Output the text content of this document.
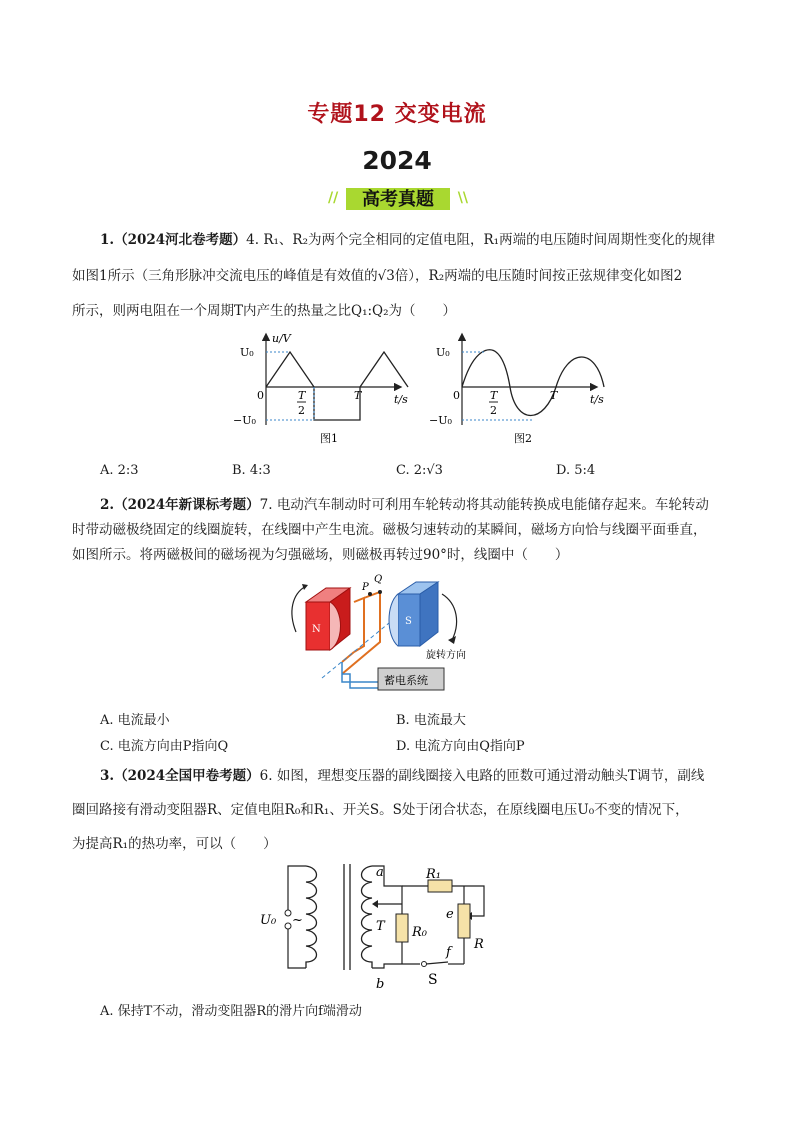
专题12 交变电流
2024
//	高考真题	\\
1.（2024河北卷考题）4. R₁、R₂为两个完全相同的定值电阻，R₁两端的电压随时间周期性变化的规律
如图1所示（三角形脉冲交流电压的峰值是有效值的√3倍），R₂两端的电压随时间按正弦规律变化如图2
所示，则两电阻在一个周期T内产生的热量之比Q₁:Q₂为（　　）
u/V
U₀
−U₀
0	T
2
T	t/s
图1
U₀
−U₀
0	T
2
T	t/s
图2
A. 2:3	B. 4:3	C. 2:√3	D. 5:4
2.（2024年新课标考题）7. 电动汽车制动时可利用车轮转动将其动能转换成电能储存起来。车轮转动
时带动磁极绕固定的线圈旋转，在线圈中产生电流。磁极匀速转动的某瞬间，磁场方向恰与线圈平面垂直，
如图所示。将两磁极间的磁场视为匀强磁场，则磁极再转过90°时，线圈中（　　）
N
P
Q
S
旋转方向
蓄电系统
A. 电流最小	B. 电流最大
C. 电流方向由P指向Q	D. 电流方向由Q指向P
3.（2024全国甲卷考题）6. 如图，理想变压器的副线圈接入电路的匝数可通过滑动触头T调节，副线
圈回路接有滑动变阻器R、定值电阻R₀和R₁、开关S。S处于闭合状态，在原线圈电压U₀不变的情况下，
为提高R₁的热功率，可以（　　）
~
U₀
a
b
T
R₁
R₀
e
f
R
S
A. 保持T不动，滑动变阻器R的滑片向f端滑动
